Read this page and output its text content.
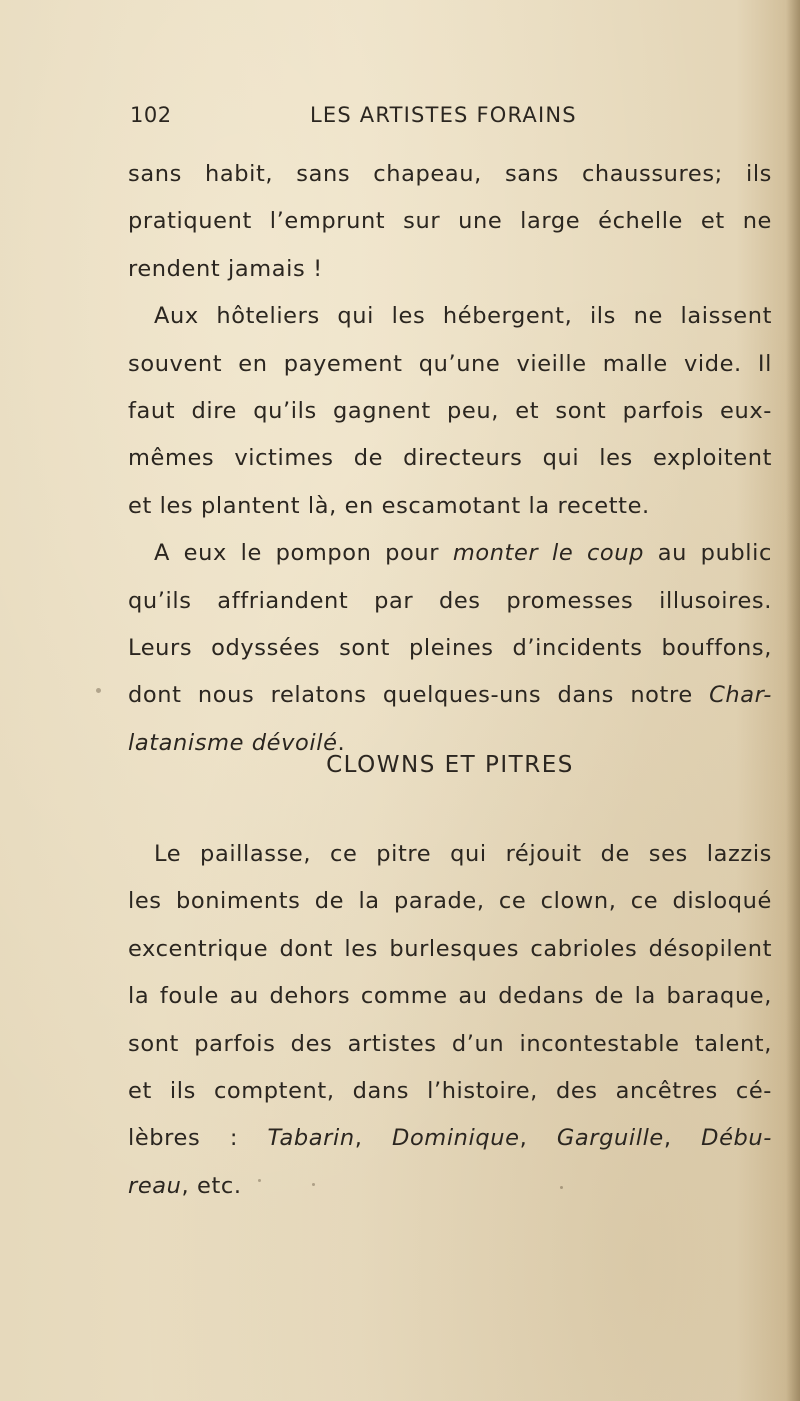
102	LES ARTISTES FORAINS
sans habit, sans chapeau, sans chaussures; ils
pratiquent l’emprunt sur une large échelle et ne
rendent jamais !
Aux hôteliers qui les hébergent, ils ne laissent
souvent en payement qu’une vieille malle vide. Il
faut dire qu’ils gagnent peu, et sont parfois eux-
mêmes victimes de directeurs qui les exploitent
et les plantent là, en escamotant la recette.
A eux le pompon pour monter le coup au public
qu’ils affriandent par des promesses illusoires.
Leurs odyssées sont pleines d’incidents bouffons,
dont nous relatons quelques-uns dans notre Char-
latanisme dévoilé.
CLOWNS ET PITRES
Le paillasse, ce pitre qui réjouit de ses lazzis
les boniments de la parade, ce clown, ce disloqué
excentrique dont les burlesques cabrioles désopilent
la foule au dehors comme au dedans de la baraque,
sont parfois des artistes d’un incontestable talent,
et ils comptent, dans l’histoire, des ancêtres cé-
lèbres : Tabarin, Dominique, Garguille, Débu-
reau, etc.
